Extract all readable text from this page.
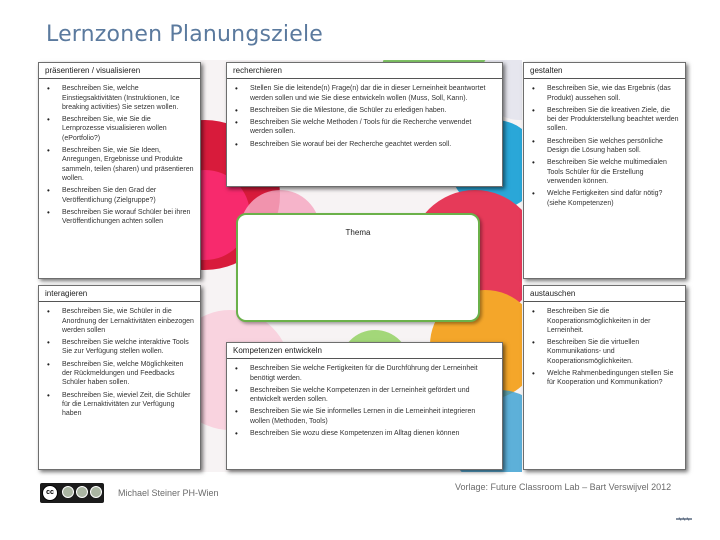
Lernzonen Planungsziele
präsentieren / visualisieren
• Beschreiben Sie, welche Einstiegsaktivitäten (Instruktionen, Ice breaking activities) Sie setzen wollen.
• Beschreiben Sie, wie Sie die Lernprozesse visualisieren wollen (ePortfolio?)
• Beschreiben Sie, wie Sie Ideen, Anregungen, Ergebnisse und Produkte sammeln, teilen (sharen) und präsentieren wollen.
• Beschreiben Sie den Grad der Veröffentlichung (Zielgruppe?)
• Beschreiben Sie worauf Schüler bei ihren Veröffentlichungen achten sollen
recherchieren
• Stellen Sie die leitende(n) Frage(n) dar die in dieser Lerneinheit beantwortet werden sollen und wie Sie diese entwickeln wollen (Muss, Soll, Kann).
• Beschreiben Sie die Milestone, die Schüler zu erledigen haben.
• Beschreiben Sie welche Methoden / Tools für die Recherche verwendet werden sollen.
• Beschreiben Sie worauf bei der Recherche geachtet werden soll.
gestalten
• Beschreiben Sie, wie das Ergebnis (das Produkt) aussehen soll.
• Beschreiben Sie die kreativen Ziele, die bei der Produkterstellung beachtet werden sollen.
• Beschreiben Sie welches persönliche Design die Lösung haben soll.
• Beschreiben Sie welche multimedialen Tools Schüler für die Erstellung verwenden können.
• Welche Fertigkeiten sind dafür nötig? (siehe Kompetenzen)
Thema
interagieren
• Beschreiben Sie, wie Schüler in die Anordnung der Lernaktivitäten einbezogen werden sollen
• Beschreiben Sie welche interaktive Tools Sie zur Verfügung stellen wollen.
• Beschreiben Sie, welche Möglichkeiten der Rückmeldungen und Feedbacks Schüler haben sollen.
• Beschreiben Sie, wieviel Zeit, die Schüler für die Lernaktivitäten zur Verfügung haben
Kompetenzen entwickeln
• Beschreiben Sie welche Fertigkeiten für die Durchführung der Lerneinheit benötigt werden.
• Beschreiben Sie welche Kompetenzen in der Lerneinheit gefördert und entwickelt werden sollen.
• Beschreiben Sie wie Sie informelles Lernen in die Lerneinheit integrieren wollen (Methoden, Tools)
• Beschreiben Sie wozu diese Kompetenzen im Alltag dienen können
austauschen
• Beschreiben Sie die Kooperationsmöglichkeiten in der Lerneinheit.
• Beschreiben Sie die virtuellen Kommunikations- und Kooperationsmöglichkeiten.
• Welche Rahmenbedingungen stellen Sie für Kooperation und Kommunikation?
cc	Michael Steiner PH-Wien
Vorlage: Future Classroom Lab – Bart Verswijvel 2012
